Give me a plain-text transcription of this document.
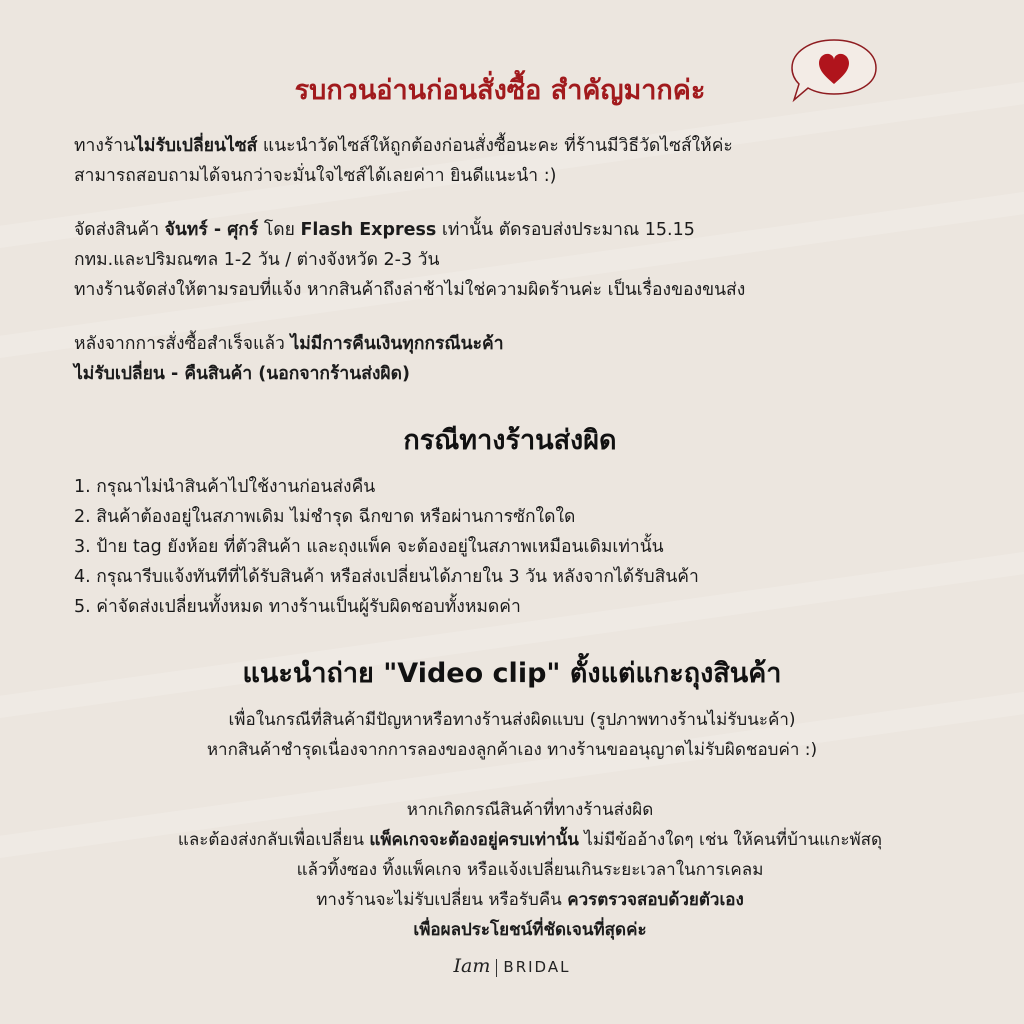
รบกวนอ่านก่อนสั่งซื้อ สำคัญมากค่ะ
ทางร้านไม่รับเปลี่ยนไซส์ แนะนำวัดไซส์ให้ถูกต้องก่อนสั่งซื้อนะคะ ที่ร้านมีวิธีวัดไซส์ให้ค่ะ
สามารถสอบถามได้จนกว่าจะมั่นใจไซส์ได้เลยค่าา ยินดีแนะนำ :)
จัดส่งสินค้า จันทร์ - ศุกร์ โดย Flash Express เท่านั้น ตัดรอบส่งประมาณ 15.15
กทม.และปริมณฑล 1-2 วัน / ต่างจังหวัด 2-3 วัน
ทางร้านจัดส่งให้ตามรอบที่แจ้ง หากสินค้าถึงล่าช้าไม่ใช่ความผิดร้านค่ะ เป็นเรื่องของขนส่ง
หลังจากการสั่งซื้อสำเร็จแล้ว ไม่มีการคืนเงินทุกกรณีนะค้า
ไม่รับเปลี่ยน - คืนสินค้า (นอกจากร้านส่งผิด)
กรณีทางร้านส่งผิด
1. กรุณาไม่นำสินค้าไปใช้งานก่อนส่งคืน
2. สินค้าต้องอยู่ในสภาพเดิม ไม่ชำรุด ฉีกขาด หรือผ่านการซักใดใด
3. ป้าย tag ยังห้อย ที่ตัวสินค้า และถุงแพ็ค จะต้องอยู่ในสภาพเหมือนเดิมเท่านั้น
4. กรุณารีบแจ้งทันทีที่ได้รับสินค้า หรือส่งเปลี่ยนได้ภายใน 3 วัน หลังจากได้รับสินค้า
5. ค่าจัดส่งเปลี่ยนทั้งหมด ทางร้านเป็นผู้รับผิดชอบทั้งหมดค่า
แนะนำถ่าย "Video clip" ตั้งแต่แกะถุงสินค้า
เพื่อในกรณีที่สินค้ามีปัญหาหรือทางร้านส่งผิดแบบ (รูปภาพทางร้านไม่รับนะค้า)
หากสินค้าชำรุดเนื่องจากการลองของลูกค้าเอง ทางร้านขออนุญาตไม่รับผิดชอบค่า :)
หากเกิดกรณีสินค้าที่ทางร้านส่งผิด
และต้องส่งกลับเพื่อเปลี่ยน แพ็คเกจจะต้องอยู่ครบเท่านั้น ไม่มีข้ออ้างใดๆ เช่น ให้คนที่บ้านแกะพัสดุ
แล้วทิ้งซอง ทิ้งแพ็คเกจ หรือแจ้งเปลี่ยนเกินระยะเวลาในการเคลม
ทางร้านจะไม่รับเปลี่ยน หรือรับคืน ควรตรวจสอบด้วยตัวเอง
เพื่อผลประโยชน์ที่ชัดเจนที่สุดค่ะ
Iam BRIDAL
